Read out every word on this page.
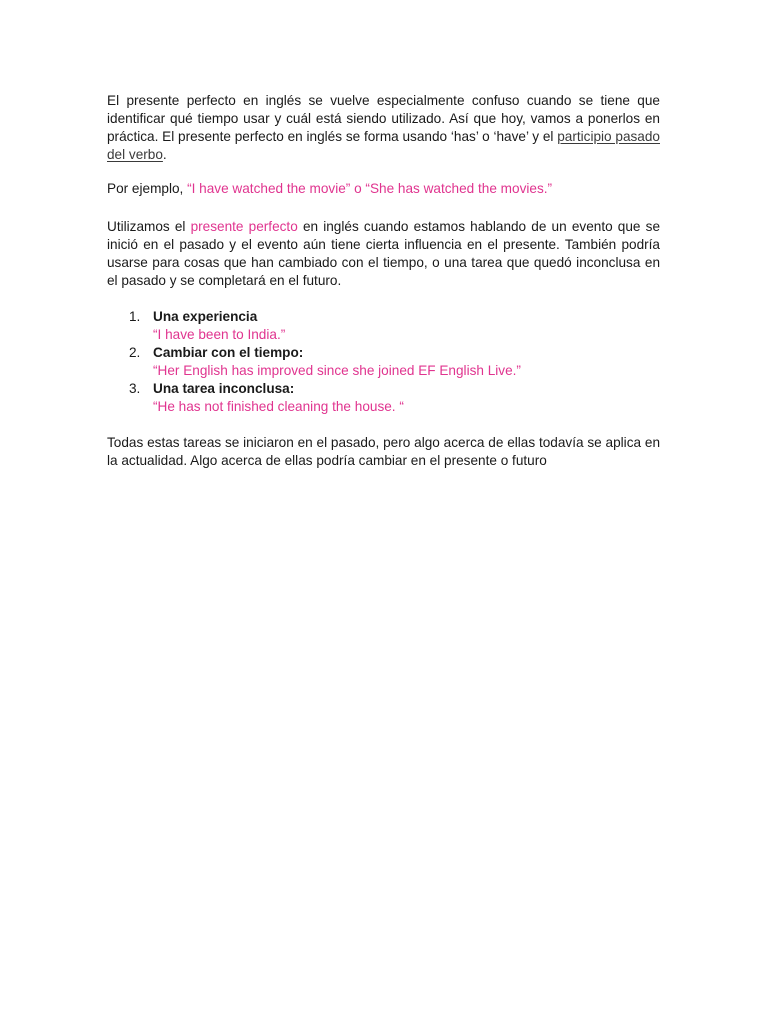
El presente perfecto en inglés se vuelve especialmente confuso cuando se tiene que identificar qué tiempo usar y cuál está siendo utilizado. Así que hoy, vamos a ponerlos en práctica. El presente perfecto en inglés se forma usando ‘has’ o ‘have’ y el participio pasado del verbo.

Por ejemplo, “I have watched the movie” o “She has watched the movies.”

Utilizamos el presente perfecto en inglés cuando estamos hablando de un evento que se inició en el pasado y el evento aún tiene cierta influencia en el presente. También podría usarse para cosas que han cambiado con el tiempo, o una tarea que quedó inconclusa en el pasado y se completará en el futuro.

1. Una experiencia
“I have been to India.”
2. Cambiar con el tiempo:
“Her English has improved since she joined EF English Live.”
3. Una tarea inconclusa:
“He has not finished cleaning the house. “

Todas estas tareas se iniciaron en el pasado, pero algo acerca de ellas todavía se aplica en la actualidad. Algo acerca de ellas podría cambiar en el presente o futuro
